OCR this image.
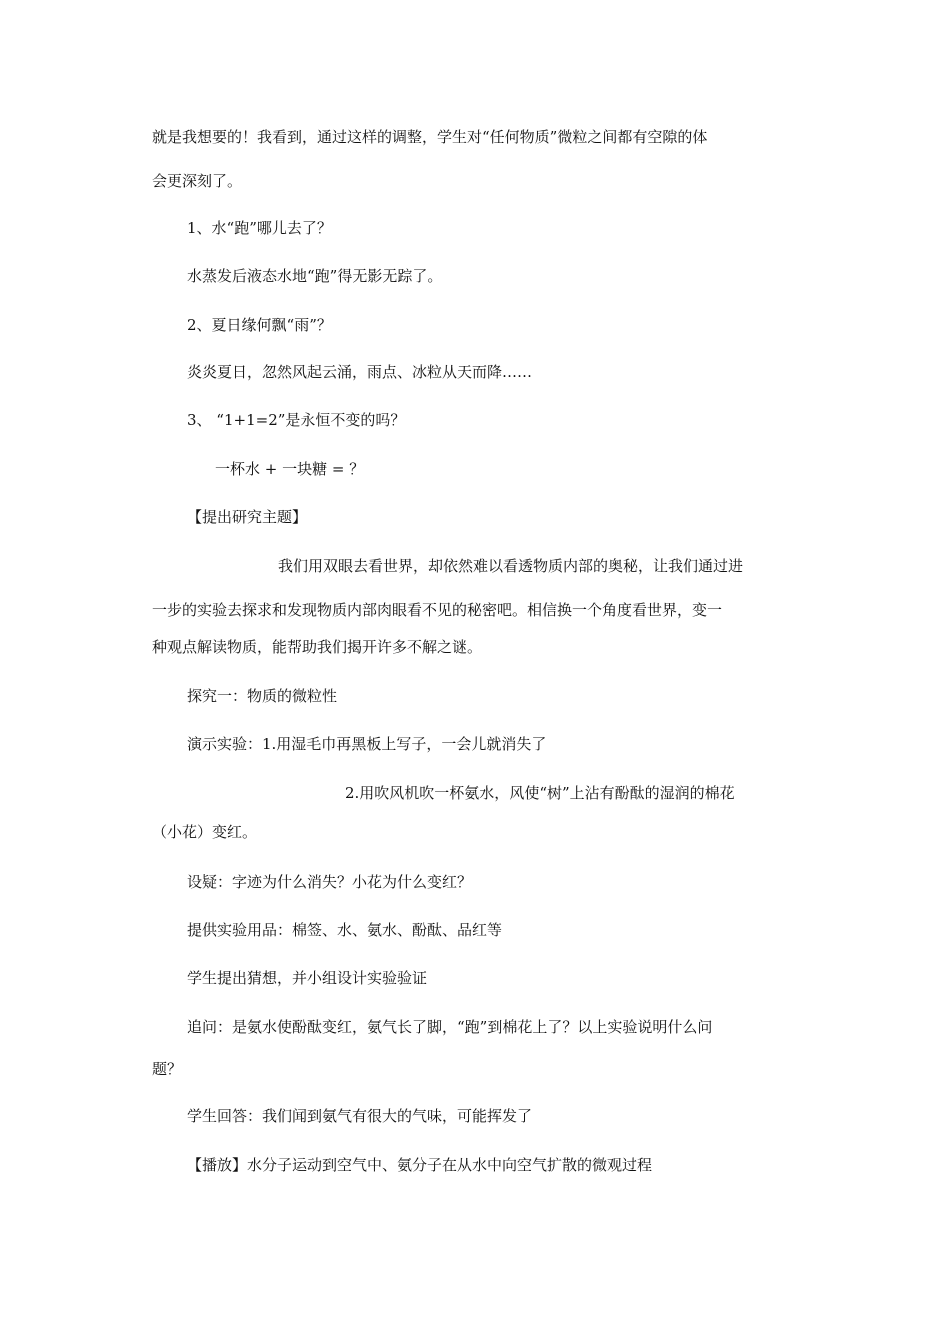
就是我想要的！我看到，通过这样的调整，学生对“任何物质”微粒之间都有空隙的体
会更深刻了。
1、水“跑”哪儿去了？
水蒸发后液态水地“跑”得无影无踪了。
2、夏日缘何飘“雨”？
炎炎夏日，忽然风起云涌，雨点、冰粒从天而降……
3、 “1+1=2”是永恒不变的吗？
一杯水 + 一块糖 = ？
【提出研究主题】
我们用双眼去看世界，却依然难以看透物质内部的奥秘，让我们通过进
一步的实验去探求和发现物质内部肉眼看不见的秘密吧。相信换一个角度看世界，变一
种观点解读物质，能帮助我们揭开许多不解之谜。
探究一：物质的微粒性
演示实验：1.用湿毛巾再黑板上写子，一会儿就消失了
2.用吹风机吹一杯氨水，风使“树”上沾有酚酞的湿润的棉花
（小花）变红。
设疑：字迹为什么消失？小花为什么变红？
提供实验用品：棉签、水、氨水、酚酞、品红等
学生提出猜想，并小组设计实验验证
追问：是氨水使酚酞变红，氨气长了脚，“跑”到棉花上了？以上实验说明什么问
题？
学生回答：我们闻到氨气有很大的气味，可能挥发了
【播放】水分子运动到空气中、氨分子在从水中向空气扩散的微观过程
